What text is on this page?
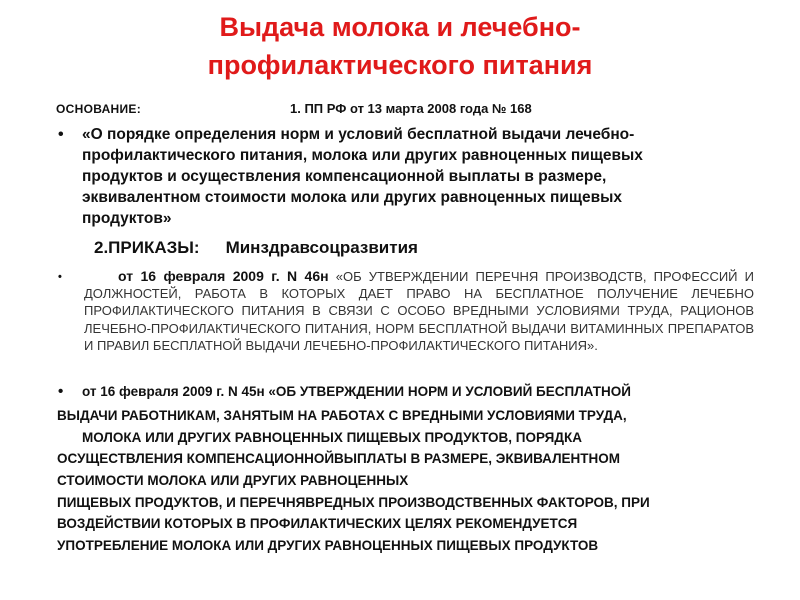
Выдача молока и лечебно-
профилактического питания
ОСНОВАНИЕ:	1. ПП РФ от 13 марта 2008 года № 168
• «О порядке определения норм и условий бесплатной выдачи лечебно-
профилактического питания, молока или других равноценных пищевых
продуктов и осуществления компенсационной выплаты в размере,
эквивалентном стоимости молока или других равноценных пищевых
продуктов»
2.ПРИКАЗЫ: Минздравсоцразвития
•	от 16 февраля 2009 г. N 46н «ОБ УТВЕРЖДЕНИИ ПЕРЕЧНЯ ПРОИЗВОДСТВ, ПРОФЕССИЙ И ДОЛЖНОСТЕЙ, РАБОТА В КОТОРЫХ ДАЕТ ПРАВО НА БЕСПЛАТНОЕ ПОЛУЧЕНИЕ ЛЕЧЕБНО ПРОФИЛАКТИЧЕСКОГО ПИТАНИЯ В СВЯЗИ С ОСОБО ВРЕДНЫМИ УСЛОВИЯМИ ТРУДА, РАЦИОНОВ ЛЕЧЕБНО-ПРОФИЛАКТИЧЕСКОГО ПИТАНИЯ, НОРМ БЕСПЛАТНОЙ ВЫДАЧИ ВИТАМИННЫХ ПРЕПАРАТОВ И ПРАВИЛ БЕСПЛАТНОЙ ВЫДАЧИ ЛЕЧЕБНО-ПРОФИЛАКТИЧЕСКОГО ПИТАНИЯ».
• от 16 февраля 2009 г. N 45н «ОБ УТВЕРЖДЕНИИ НОРМ И УСЛОВИЙ БЕСПЛАТНОЙ
ВЫДАЧИ РАБОТНИКАМ, ЗАНЯТЫМ НА РАБОТАХ С ВРЕДНЫМИ УСЛОВИЯМИ ТРУДА,
МОЛОКА ИЛИ ДРУГИХ РАВНОЦЕННЫХ ПИЩЕВЫХ ПРОДУКТОВ, ПОРЯДКА
ОСУЩЕСТВЛЕНИЯ КОМПЕНСАЦИОННОЙВЫПЛАТЫ В РАЗМЕРЕ, ЭКВИВАЛЕНТНОМ
СТОИМОСТИ МОЛОКА ИЛИ ДРУГИХ РАВНОЦЕННЫХ
ПИЩЕВЫХ ПРОДУКТОВ, И ПЕРЕЧНЯВРЕДНЫХ ПРОИЗВОДСТВЕННЫХ ФАКТОРОВ, ПРИ
ВОЗДЕЙСТВИИ КОТОРЫХ В ПРОФИЛАКТИЧЕСКИХ ЦЕЛЯХ РЕКОМЕНДУЕТСЯ
УПОТРЕБЛЕНИЕ МОЛОКА ИЛИ ДРУГИХ РАВНОЦЕННЫХ ПИЩЕВЫХ ПРОДУКТОВ
